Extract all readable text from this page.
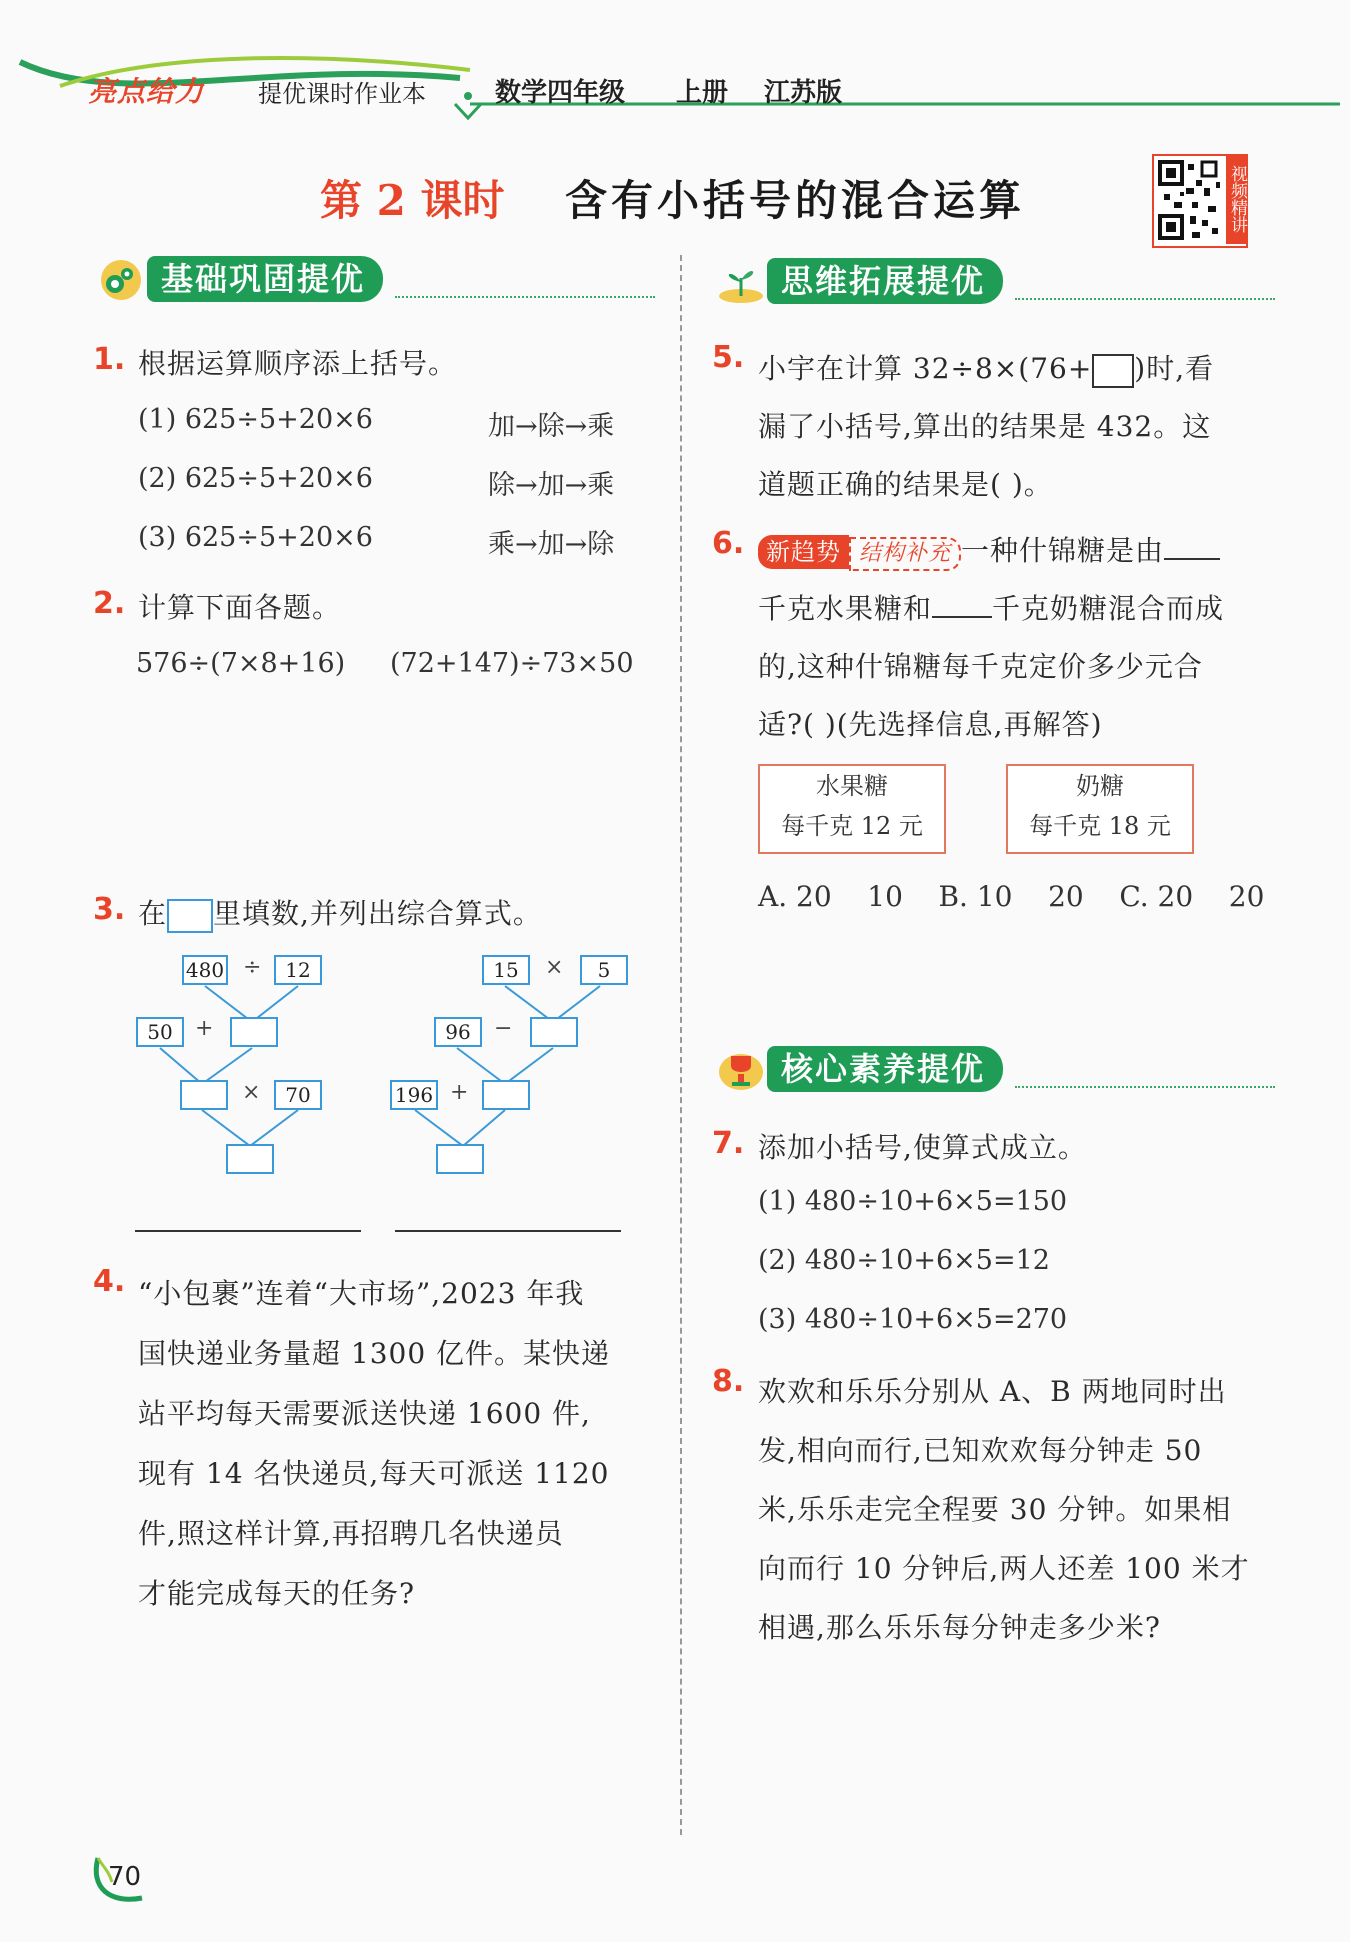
亮点给力 提优课时作业本	数学四年级 上册 江苏版
第 2 课时 含有小括号的混合运算	视频精讲
基础巩固提优
1. 根据运算顺序添上括号。
(1) 625÷5+20×6	加→除→乘
(2) 625÷5+20×6	除→加→乘
(3) 625÷5+20×6	乘→加→除
2. 计算下面各题。
576÷(7×8+16) (72+147)÷73×50
3. 在 里填数,并列出综合算式。
480 ÷	12
50	+
×	70
15	×	5
96	−
196 +
4. “小包裹”连着“大市场”,2023 年我
国快递业务量超 1300 亿件。某快递
站平均每天需要派送快递 1600 件,
现有 14 名快递员,每天可派送 1120
件,照这样计算,再招聘几名快递员
才能完成每天的任务?
思维拓展提优
5. 小宇在计算 32÷8×(76+ )时,看
漏了小括号,算出的结果是 432。这
道题正确的结果是( )。
6. 新趋势 结构补充 一种什锦糖是由
千克水果糖和 千克奶糖混合而成
的,这种什锦糖每千克定价多少元合
适?( )(先选择信息,再解答)
水果糖
每千克 12 元
奶糖
每千克 18 元
A. 20    10    B. 10    20    C. 20    20
核心素养提优
7. 添加小括号,使算式成立。
(1) 480÷10+6×5=150
(2) 480÷10+6×5=12
(3) 480÷10+6×5=270
8. 欢欢和乐乐分别从 A、B 两地同时出
发,相向而行,已知欢欢每分钟走 50
米,乐乐走完全程要 30 分钟。如果相
向而行 10 分钟后,两人还差 100 米才
相遇,那么乐乐每分钟走多少米?
70
